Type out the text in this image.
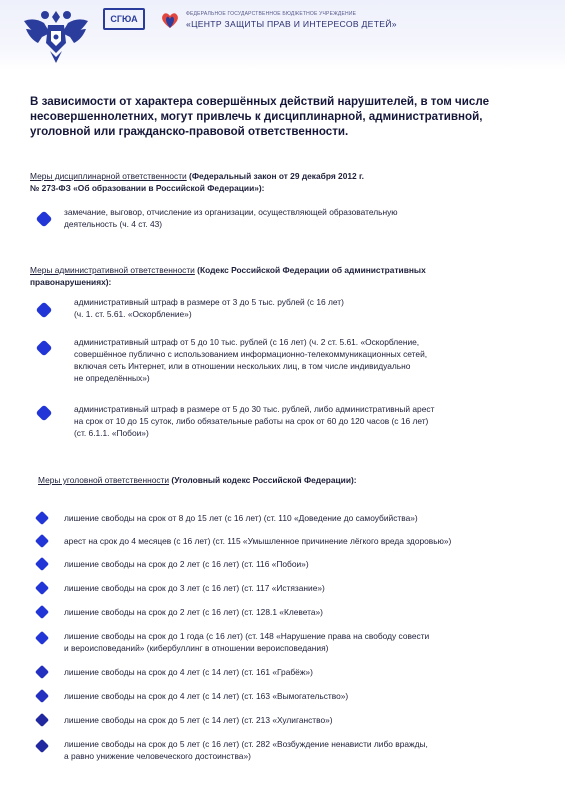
СГЮА
	ФЕДЕРАЛЬНОЕ ГОСУДАРСТВЕННОЕ БЮДЖЕТНОЕ УЧРЕЖДЕНИЕ
«ЦЕНТР ЗАЩИТЫ ПРАВ И ИНТЕРЕСОВ ДЕТЕЙ»
В зависимости от характера совершённых действий нарушителей, в том числе несовершеннолетних, могут привлечь к дисциплинарной, административной, уголовной или гражданско-правовой ответственности.
Меры дисциплинарной ответственности (Федеральный закон от 29 декабря 2012 г.
№ 273-ФЗ «Об образовании в Российской Федерации»):
замечание, выговор, отчисление из организации, осуществляющей образовательную
деятельность (ч. 4 ст. 43)
Меры административной ответственности (Кодекс Российской Федерации об административных
правонарушениях):
административный штраф в размере от 3 до 5 тыс. рублей (с 16 лет)
(ч. 1. ст. 5.61. «Оскорбление»)
административный штраф от 5 до 10 тыс. рублей (с 16 лет) (ч. 2 ст. 5.61. «Оскорбление,
совершённое публично с использованием информационно-телекоммуникационных сетей,
включая сеть Интернет, или в отношении нескольких лиц, в том числе индивидуально
не определённых»)
административный штраф в размере от 5 до 30 тыс. рублей, либо административный арест
на срок от 10 до 15 суток, либо обязательные работы на срок от 60 до 120 часов (с 16 лет)
(ст. 6.1.1. «Побои»)
Меры уголовной ответственности (Уголовный кодекс Российской Федерации):
лишение свободы на срок от 8 до 15 лет (с 16 лет) (ст. 110 «Доведение до самоубийства»)
арест на срок до 4 месяцев (с 16 лет) (ст. 115 «Умышленное причинение лёгкого вреда здоровью»)
лишение свободы на срок до 2 лет (с 16 лет) (ст. 116 «Побои»)
лишение свободы на срок до 3 лет (с 16 лет) (ст. 117 «Истязание»)
лишение свободы на срок до 2 лет (с 16 лет) (ст. 128.1 «Клевета»)
лишение свободы на срок до 1 года (с 16 лет) (ст. 148 «Нарушение права на свободу совести
и вероисповеданий» (кибербуллинг в отношении вероисповедания)
лишение свободы на срок до 4 лет (с 14 лет) (ст. 161 «Грабёж»)
лишение свободы на срок до 4 лет (с 14 лет) (ст. 163 «Вымогательство»)
лишение свободы на срок до 5 лет (с 14 лет) (ст. 213 «Хулиганство»)
лишение свободы на срок до 5 лет (с 16 лет) (ст. 282 «Возбуждение ненависти либо вражды,
а равно унижение человеческого достоинства»)
